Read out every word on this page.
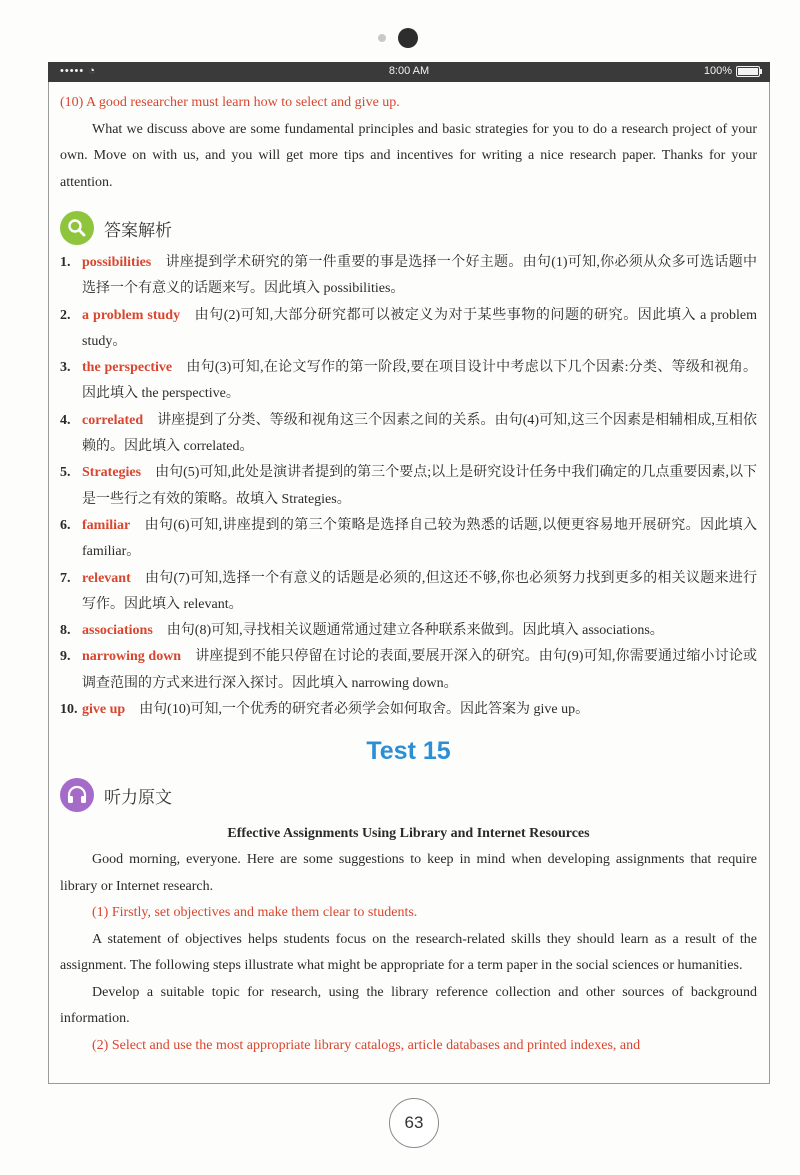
••••• ◔	8:00 AM	100%

(10) A good researcher must learn how to select and give up.

What we discuss above are some fundamental principles and basic strategies for you to do a research project of your own. Move on with us, and you will get more tips and incentives for writing a nice research paper. Thanks for your attention.

答案解析
1. possibilities 讲座提到学术研究的第一件重要的事是选择一个好主题。由句(1)可知,你必须从众多可选话题中选择一个有意义的话题来写。因此填入 possibilities。
2. a problem study 由句(2)可知,大部分研究都可以被定义为对于某些事物的问题的研究。因此填入 a problem study。
3. the perspective 由句(3)可知,在论文写作的第一阶段,要在项目设计中考虑以下几个因素:分类、等级和视角。因此填入 the perspective。
4. correlated 讲座提到了分类、等级和视角这三个因素之间的关系。由句(4)可知,这三个因素是相辅相成,互相依赖的。因此填入 correlated。
5. Strategies 由句(5)可知,此处是演讲者提到的第三个要点;以上是研究设计任务中我们确定的几点重要因素,以下是一些行之有效的策略。故填入 Strategies。
6. familiar 由句(6)可知,讲座提到的第三个策略是选择自己较为熟悉的话题,以便更容易地开展研究。因此填入 familiar。
7. relevant 由句(7)可知,选择一个有意义的话题是必须的,但这还不够,你也必须努力找到更多的相关议题来进行写作。因此填入 relevant。
8. associations 由句(8)可知,寻找相关议题通常通过建立各种联系来做到。因此填入 associations。
9. narrowing down 讲座提到不能只停留在讨论的表面,要展开深入的研究。由句(9)可知,你需要通过缩小讨论或调查范围的方式来进行深入探讨。因此填入 narrowing down。
10. give up 由句(10)可知,一个优秀的研究者必须学会如何取舍。因此答案为 give up。
Test 15
听力原文
Effective Assignments Using Library and Internet Resources

Good morning, everyone. Here are some suggestions to keep in mind when developing assignments that require library or Internet research.

(1) Firstly, set objectives and make them clear to students.

A statement of objectives helps students focus on the research-related skills they should learn as a result of the assignment. The following steps illustrate what might be appropriate for a term paper in the social sciences or humanities.

Develop a suitable topic for research, using the library reference collection and other sources of background information.

(2) Select and use the most appropriate library catalogs, article databases and printed indexes, and

63
